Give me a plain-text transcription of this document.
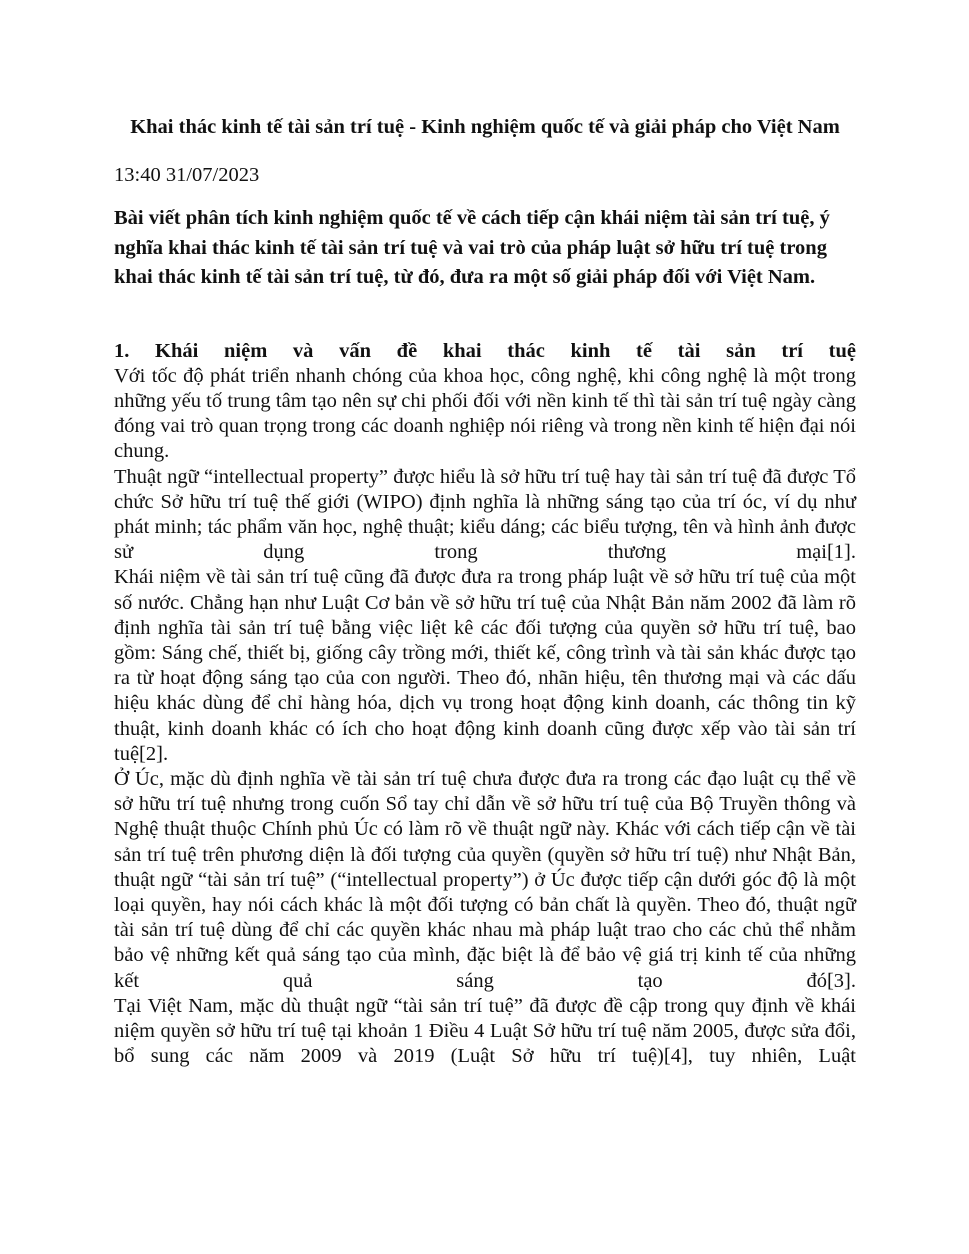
Khai thác kinh tế tài sản trí tuệ - Kinh nghiệm quốc tế và giải pháp cho Việt Nam

13:40 31/07/2023

Bài viết phân tích kinh nghiệm quốc tế về cách tiếp cận khái niệm tài sản trí tuệ, ý nghĩa khai thác kinh tế tài sản trí tuệ và vai trò của pháp luật sở hữu trí tuệ trong khai thác kinh tế tài sản trí tuệ, từ đó, đưa ra một số giải pháp đối với Việt Nam.

1. Khái niệm và vấn đề khai thác kinh tế tài sản trí tuệ

Với tốc độ phát triển nhanh chóng của khoa học, công nghệ, khi công nghệ là một trong những yếu tố trung tâm tạo nên sự chi phối đối với nền kinh tế thì tài sản trí tuệ ngày càng đóng vai trò quan trọng trong các doanh nghiệp nói riêng và trong nền kinh tế hiện đại nói chung.

Thuật ngữ “intellectual property” được hiểu là sở hữu trí tuệ hay tài sản trí tuệ đã được Tổ chức Sở hữu trí tuệ thế giới (WIPO) định nghĩa là những sáng tạo của trí óc, ví dụ như phát minh; tác phẩm văn học, nghệ thuật; kiểu dáng; các biểu tượng, tên và hình ảnh được sử dụng trong thương mại[1].

Khái niệm về tài sản trí tuệ cũng đã được đưa ra trong pháp luật về sở hữu trí tuệ của một số nước. Chẳng hạn như Luật Cơ bản về sở hữu trí tuệ của Nhật Bản năm 2002 đã làm rõ định nghĩa tài sản trí tuệ bằng việc liệt kê các đối tượng của quyền sở hữu trí tuệ, bao gồm: Sáng chế, thiết bị, giống cây trồng mới, thiết kế, công trình và tài sản khác được tạo ra từ hoạt động sáng tạo của con người. Theo đó, nhãn hiệu, tên thương mại và các dấu hiệu khác dùng để chỉ hàng hóa, dịch vụ trong hoạt động kinh doanh, các thông tin kỹ thuật, kinh doanh khác có ích cho hoạt động kinh doanh cũng được xếp vào tài sản trí tuệ[2].

Ở Úc, mặc dù định nghĩa về tài sản trí tuệ chưa được đưa ra trong các đạo luật cụ thể về sở hữu trí tuệ nhưng trong cuốn Sổ tay chỉ dẫn về sở hữu trí tuệ của Bộ Truyền thông và Nghệ thuật thuộc Chính phủ Úc có làm rõ về thuật ngữ này. Khác với cách tiếp cận về tài sản trí tuệ trên phương diện là đối tượng của quyền (quyền sở hữu trí tuệ) như Nhật Bản, thuật ngữ “tài sản trí tuệ” (“intellectual property”) ở Úc được tiếp cận dưới góc độ là một loại quyền, hay nói cách khác là một đối tượng có bản chất là quyền. Theo đó, thuật ngữ tài sản trí tuệ dùng để chỉ các quyền khác nhau mà pháp luật trao cho các chủ thể nhằm bảo vệ những kết quả sáng tạo của mình, đặc biệt là để bảo vệ giá trị kinh tế của những kết quả sáng tạo đó[3].

Tại Việt Nam, mặc dù thuật ngữ “tài sản trí tuệ” đã được đề cập trong quy định về khái niệm quyền sở hữu trí tuệ tại khoản 1 Điều 4 Luật Sở hữu trí tuệ năm 2005, được sửa đổi, bổ sung các năm 2009 và 2019 (Luật Sở hữu trí tuệ)[4], tuy nhiên, Luật
